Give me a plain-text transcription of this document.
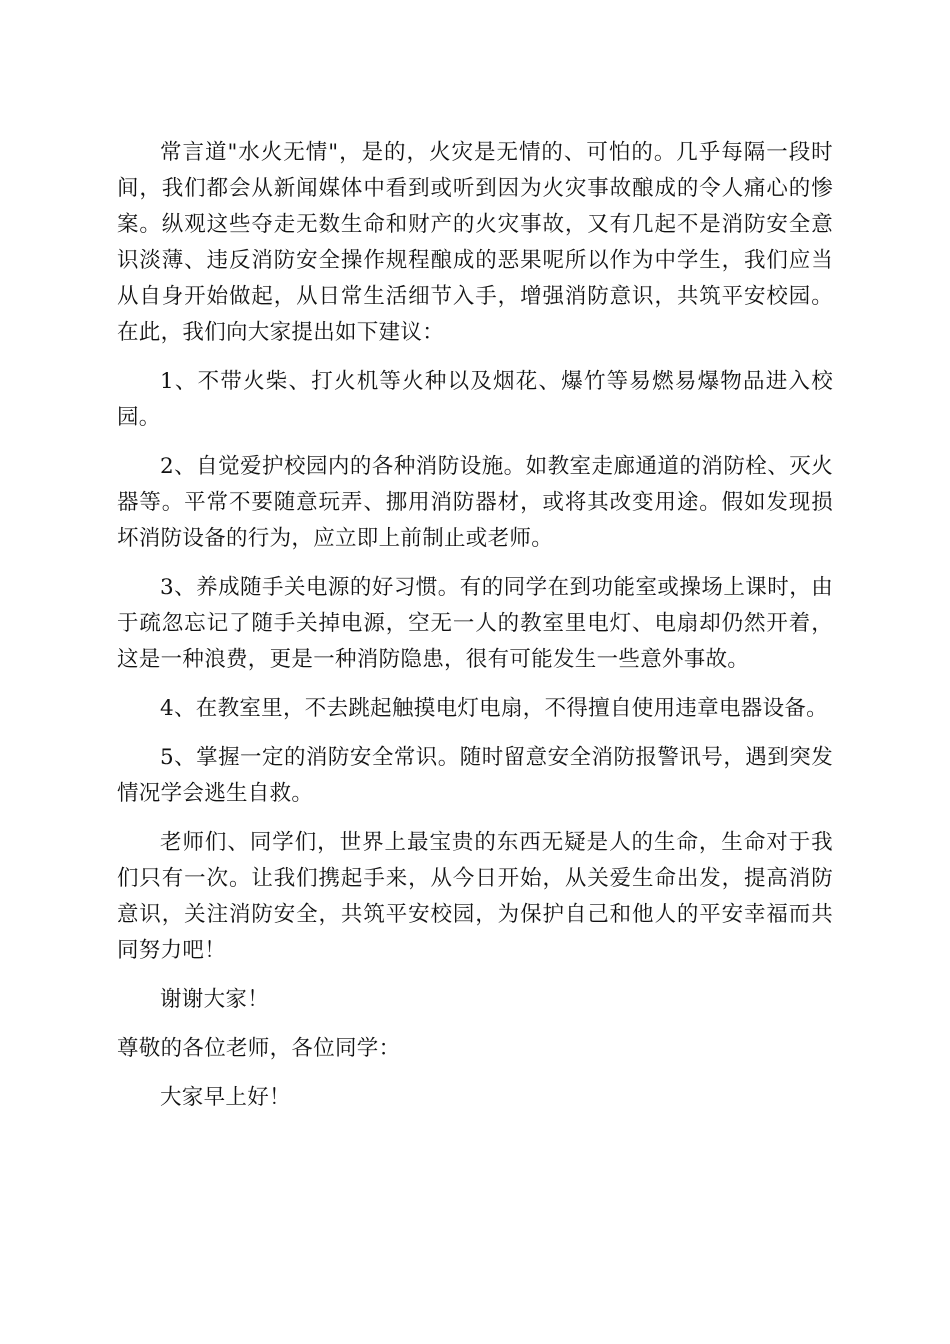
常言道"水火无情"，是的，火灾是无情的、可怕的。几乎每隔一段时间，我们都会从新闻媒体中看到或听到因为火灾事故酿成的令人痛心的惨案。纵观这些夺走无数生命和财产的火灾事故，又有几起不是消防安全意识淡薄、违反消防安全操作规程酿成的恶果呢所以作为中学生，我们应当从自身开始做起，从日常生活细节入手，增强消防意识，共筑平安校园。在此，我们向大家提出如下建议：

1、不带火柴、打火机等火种以及烟花、爆竹等易燃易爆物品进入校园。

2、自觉爱护校园内的各种消防设施。如教室走廊通道的消防栓、灭火器等。平常不要随意玩弄、挪用消防器材，或将其改变用途。假如发现损坏消防设备的行为，应立即上前制止或老师。

3、养成随手关电源的好习惯。有的同学在到功能室或操场上课时，由于疏忽忘记了随手关掉电源，空无一人的教室里电灯、电扇却仍然开着，这是一种浪费，更是一种消防隐患，很有可能发生一些意外事故。

4、在教室里，不去跳起触摸电灯电扇，不得擅自使用违章电器设备。

5、掌握一定的消防安全常识。随时留意安全消防报警讯号，遇到突发情况学会逃生自救。

老师们、同学们，世界上最宝贵的东西无疑是人的生命，生命对于我们只有一次。让我们携起手来，从今日开始，从关爱生命出发，提高消防意识，关注消防安全，共筑平安校园，为保护自己和他人的平安幸福而共同努力吧！

谢谢大家！

尊敬的各位老师，各位同学：

大家早上好！
